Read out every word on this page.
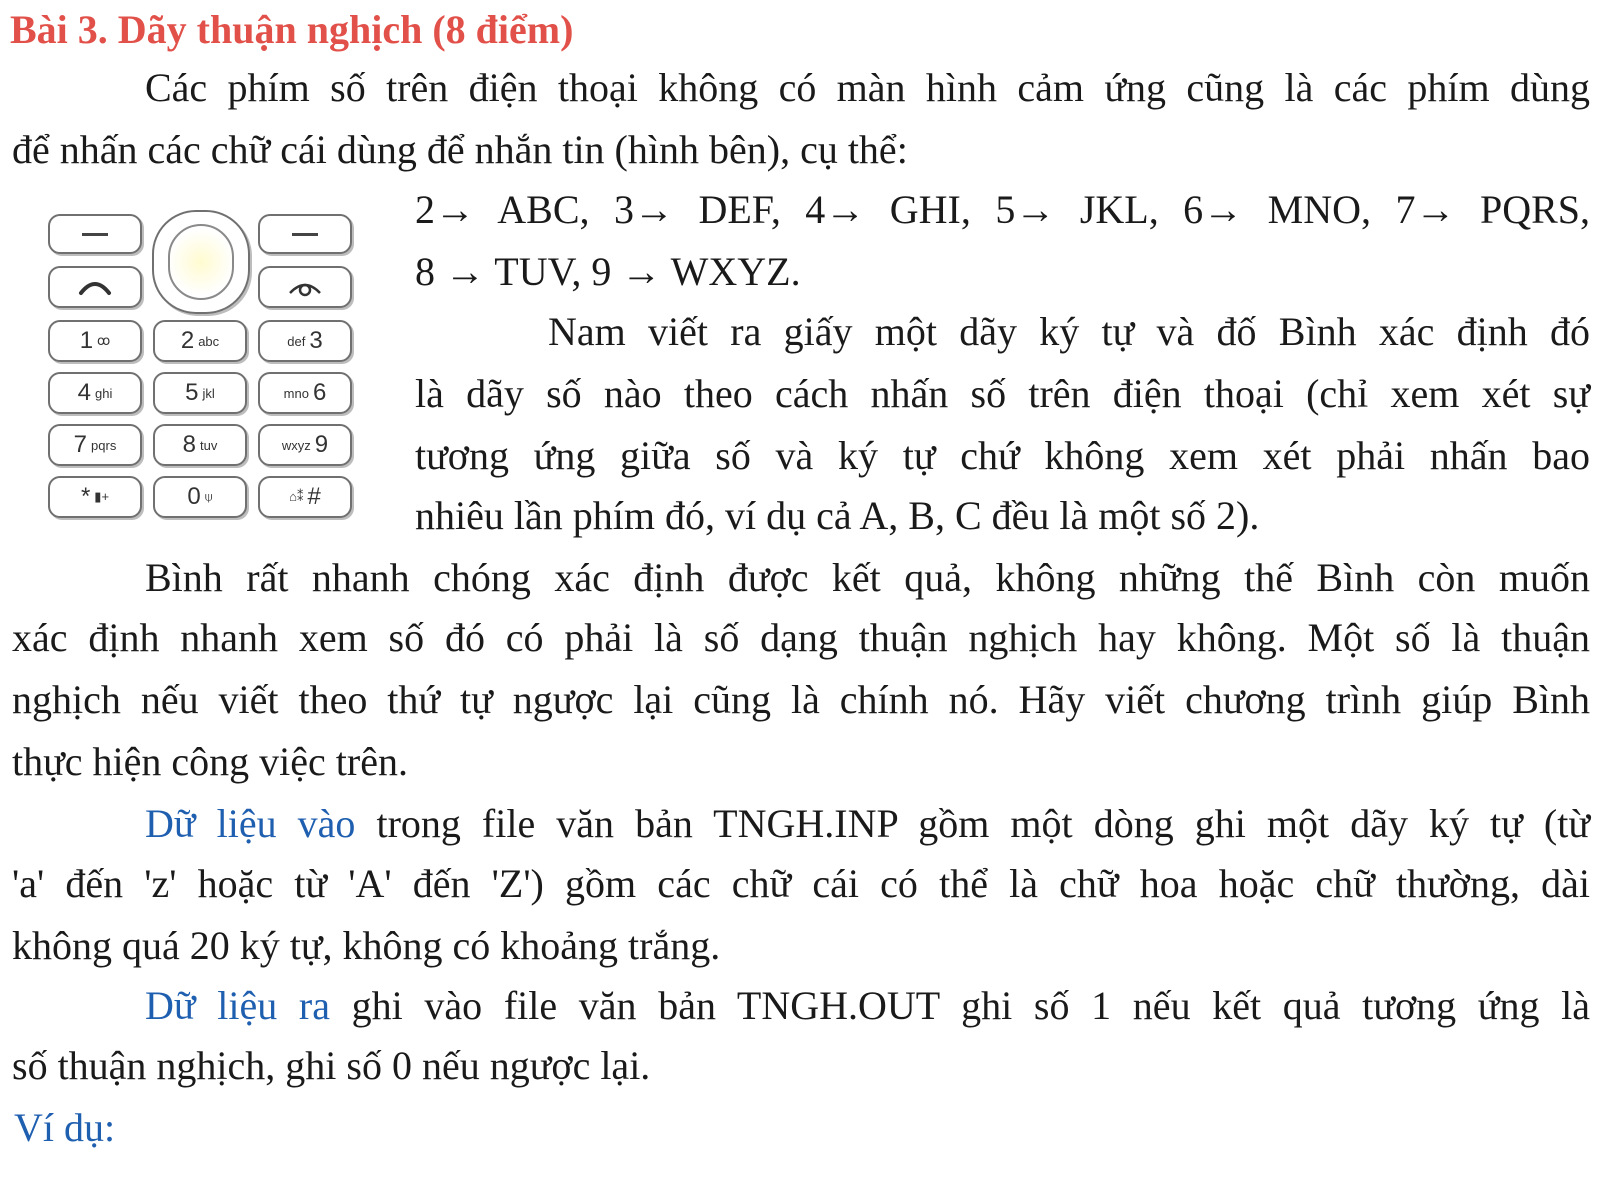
Bài 3. Dãy thuận nghịch (8 điểm)
Các phím số trên điện thoại không có màn hình cảm ứng cũng là các phím dùng
để nhấn các chữ cái dùng để nhắn tin (hình bên), cụ thể:
1 ꝏ	2 abc	def 3
4 ghi	5 jkl	mno 6
7 pqrs	8 tuv	wxyz 9
* ▮+	0 ⍦	⌂⁑ #
2→ ABC, 3→ DEF, 4→ GHI, 5→ JKL, 6→ MNO, 7→ PQRS,
8 → TUV, 9 → WXYZ.
Nam viết ra giấy một dãy ký tự và đố Bình xác định đó
là dãy số nào theo cách nhấn số trên điện thoại (chỉ xem xét sự
tương ứng giữa số và ký tự chứ không xem xét phải nhấn bao
nhiêu lần phím đó, ví dụ cả A, B, C đều là một số 2).
Bình rất nhanh chóng xác định được kết quả, không những thế Bình còn muốn
xác định nhanh xem số đó có phải là số dạng thuận nghịch hay không. Một số là thuận
nghịch nếu viết theo thứ tự ngược lại cũng là chính nó. Hãy viết chương trình giúp Bình
thực hiện công việc trên.
Dữ liệu vào trong file văn bản TNGH.INP gồm một dòng ghi một dãy ký tự (từ
'a' đến 'z' hoặc từ 'A' đến 'Z') gồm các chữ cái có thể là chữ hoa hoặc chữ thường, dài
không quá 20 ký tự, không có khoảng trắng.
Dữ liệu ra ghi vào file văn bản TNGH.OUT ghi số 1 nếu kết quả tương ứng là
số thuận nghịch, ghi số 0 nếu ngược lại.
Ví dụ:
